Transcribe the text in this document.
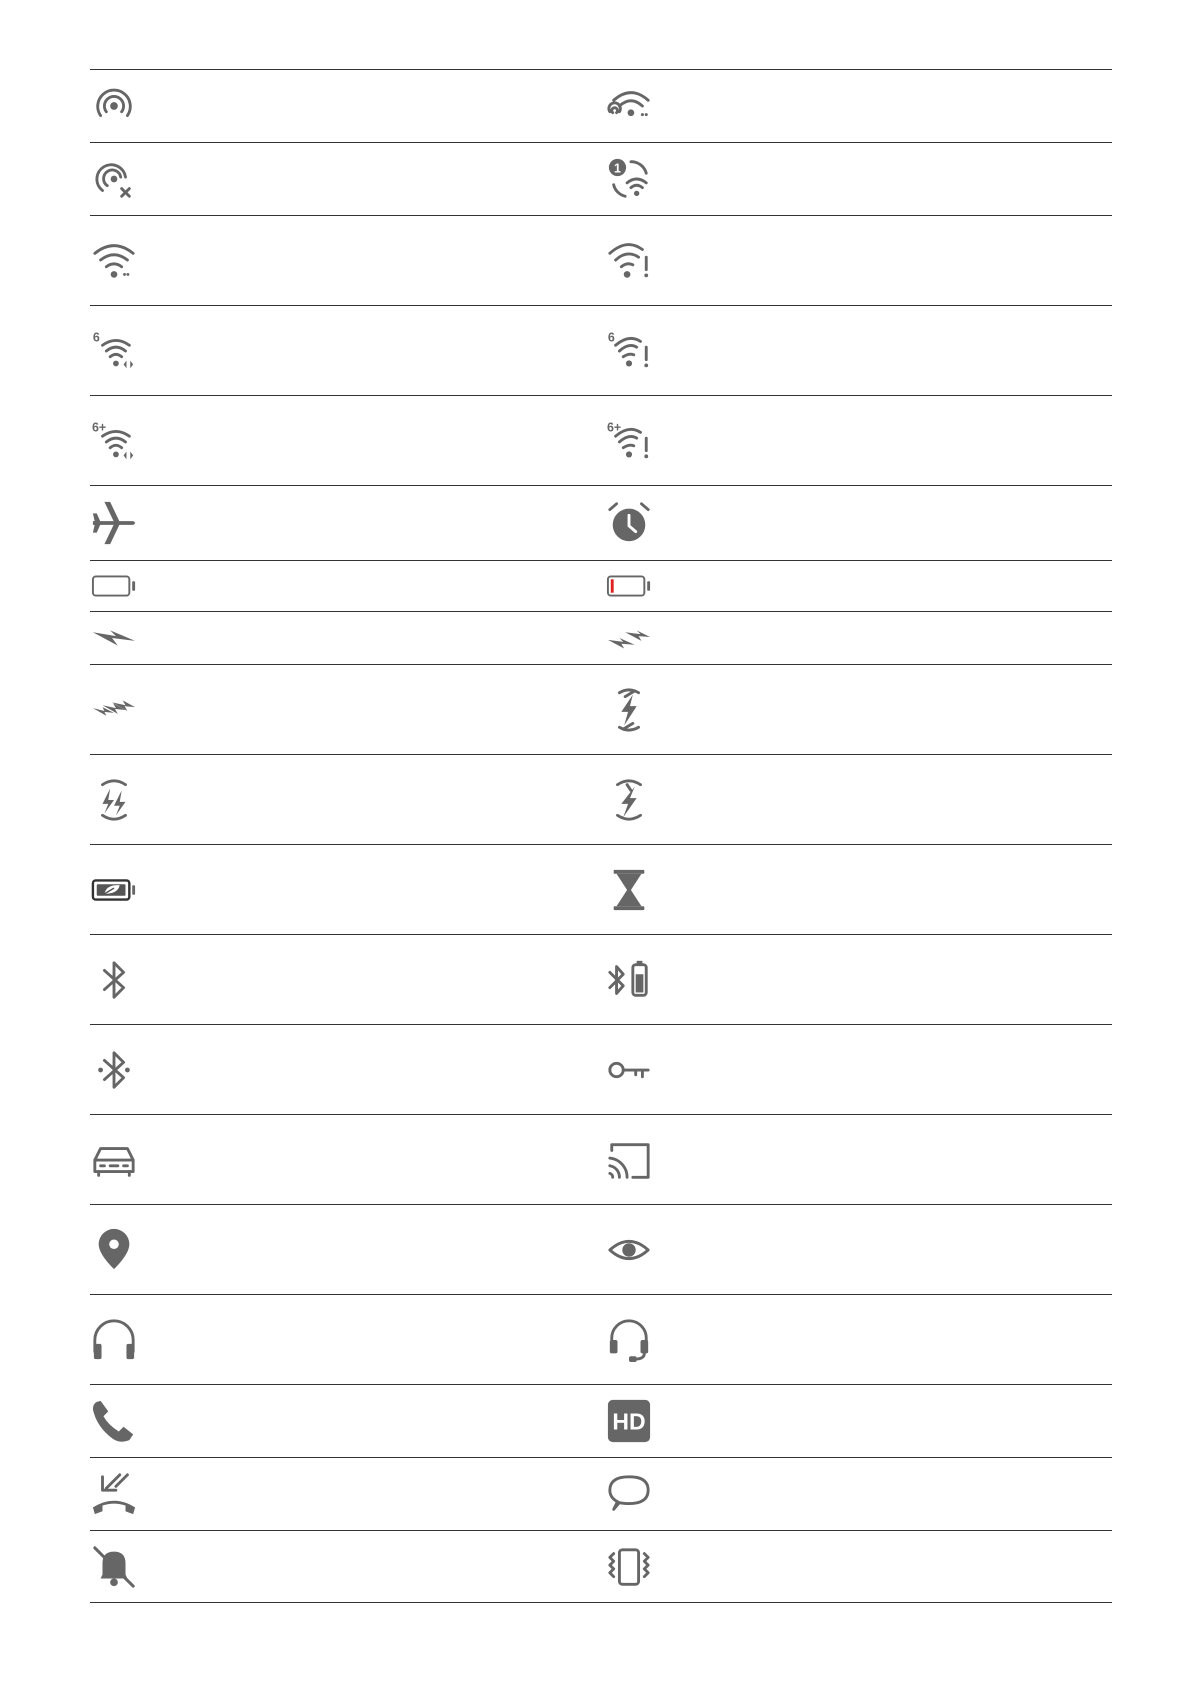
1
6	6
6+	6+
HD
